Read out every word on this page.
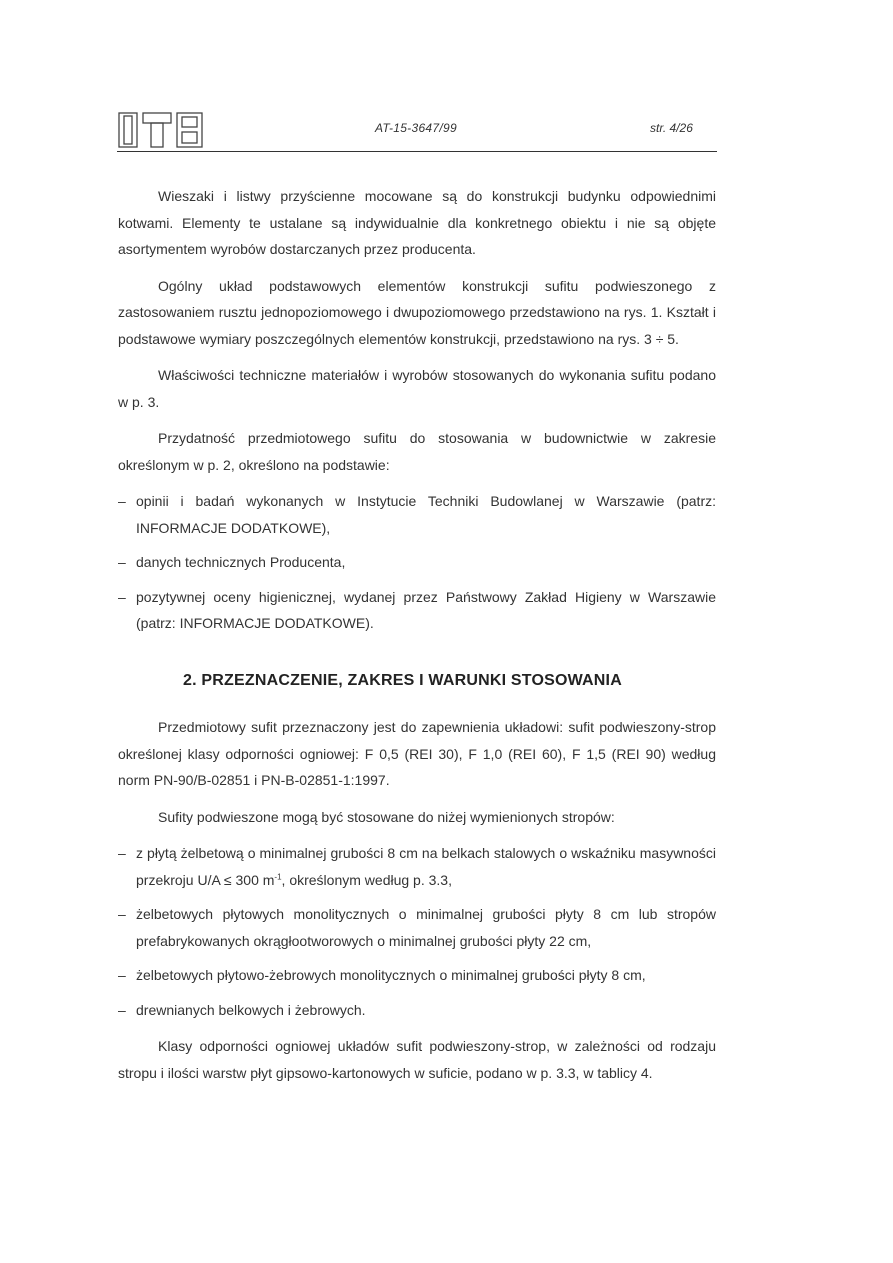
AT-15-3647/99	str. 4/26

Wieszaki i listwy przyścienne mocowane są do konstrukcji budynku odpowiednimi kotwami. Elementy te ustalane są indywidualnie dla konkretnego obiektu i nie są objęte asortymentem wyrobów dostarczanych przez producenta.

Ogólny układ podstawowych elementów konstrukcji sufitu podwieszonego z zastosowaniem rusztu jednopoziomowego i dwupoziomowego przedstawiono na rys. 1. Kształt i podstawowe wymiary poszczególnych elementów konstrukcji, przedstawiono na rys. 3 ÷ 5.

Właściwości techniczne materiałów i wyrobów stosowanych do wykonania sufitu podano w p. 3.

Przydatność przedmiotowego sufitu do stosowania w budownictwie w zakresie określonym w p. 2, określono na podstawie:

– opinii i badań wykonanych w Instytucie Techniki Budowlanej w Warszawie (patrz: INFORMACJE DODATKOWE),
– danych technicznych Producenta,
– pozytywnej oceny higienicznej, wydanej przez Państwowy Zakład Higieny w Warszawie (patrz: INFORMACJE DODATKOWE).
2. PRZEZNACZENIE, ZAKRES I WARUNKI STOSOWANIA

Przedmiotowy sufit przeznaczony jest do zapewnienia układowi: sufit podwieszony-strop określonej klasy odporności ogniowej: F 0,5 (REI 30), F 1,0 (REI 60), F 1,5 (REI 90) według norm PN-90/B-02851 i PN-B-02851-1:1997.

Sufity podwieszone mogą być stosowane do niżej wymienionych stropów:

– z płytą żelbetową o minimalnej grubości 8 cm na belkach stalowych o wskaźniku masywności przekroju U/A ≤ 300 $m^{-1}$, określonym według p. 3.3,
– żelbetowych płytowych monolitycznych o minimalnej grubości płyty 8 cm lub stropów prefabrykowanych okrągłootworowych o minimalnej grubości płyty 22 cm,
– żelbetowych płytowo-żebrowych monolitycznych o minimalnej grubości płyty 8 cm,
– drewnianych belkowych i żebrowych.

Klasy odporności ogniowej układów sufit podwieszony-strop, w zależności od rodzaju stropu i ilości warstw płyt gipsowo-kartonowych w suficie, podano w p. 3.3, w tablicy 4.
